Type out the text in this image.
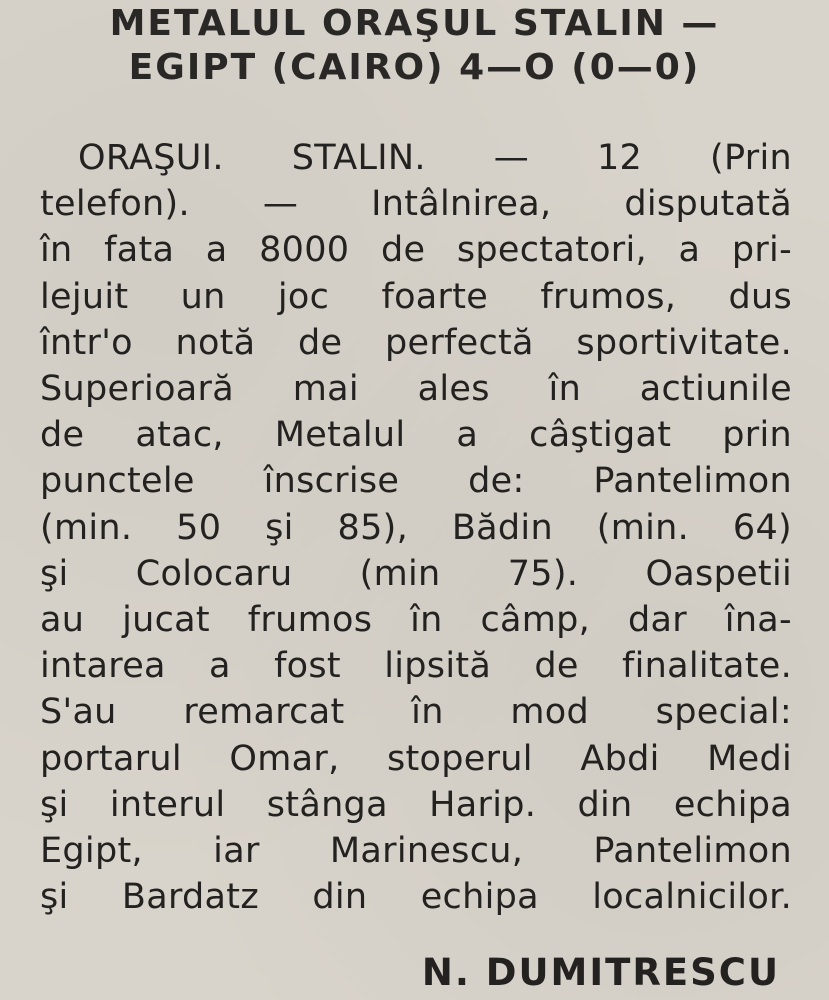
METALUL ORAŞUL STALIN —
EGIPT (CAIRO) 4—O (0—0)
ORAŞUI. STALIN. — 12 (Prin
telefon). — Intâlnirea, disputată
în fata a 8000 de spectatori, a pri-
lejuit un joc foarte frumos, dus
într'o notă de perfectă sportivitate.
Superioară mai ales în actiunile
de atac, Metalul a câştigat prin
punctele înscrise de: Pantelimon
(min. 50 şi 85), Bădin (min. 64)
şi Colocaru (min 75). Oaspetii
au jucat frumos în câmp, dar îna-
intarea a fost lipsită de finalitate.
S'au remarcat în mod special:
portarul Omar, stoperul Abdi Medi
şi interul stânga Harip. din echipa
Egipt, iar Marinescu, Pantelimon
şi Bardatz din echipa localnicilor.
N. DUMITRESCU
